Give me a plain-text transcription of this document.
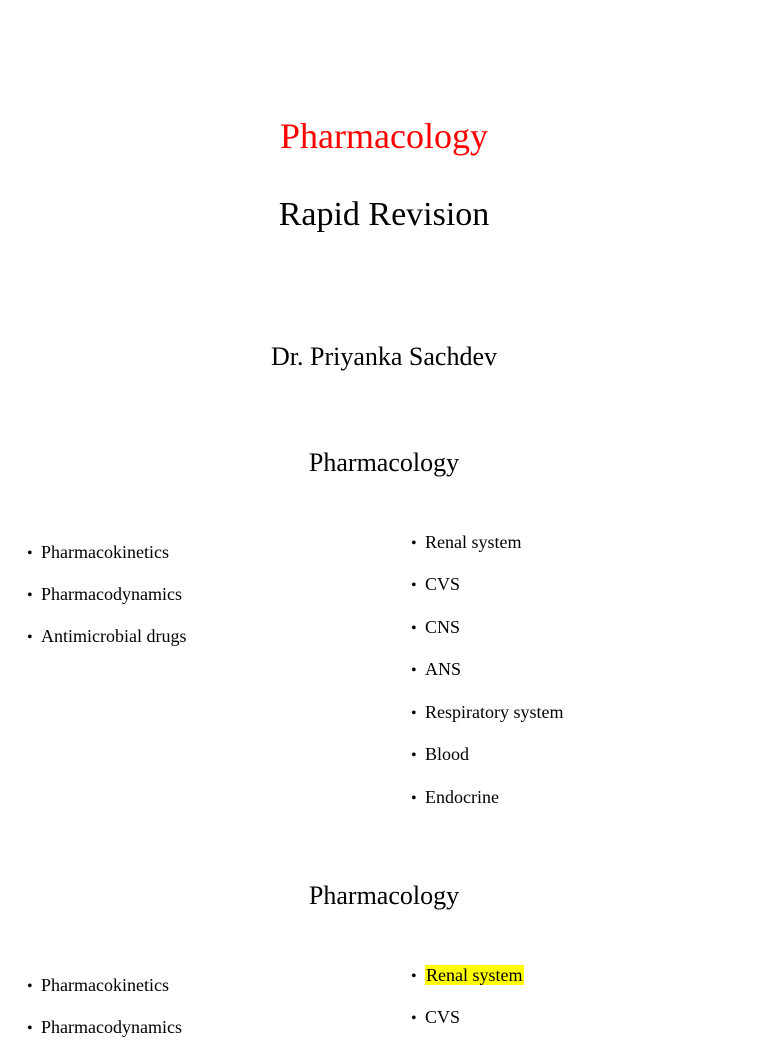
Pharmacology
Rapid Revision
Dr. Priyanka Sachdev
Pharmacology
• Pharmacokinetics
• Pharmacodynamics
• Antimicrobial drugs
• Renal system
• CVS
• CNS
• ANS
• Respiratory system
• Blood
• Endocrine
Pharmacology
• Pharmacokinetics
• Pharmacodynamics
• Renal system
• CVS
